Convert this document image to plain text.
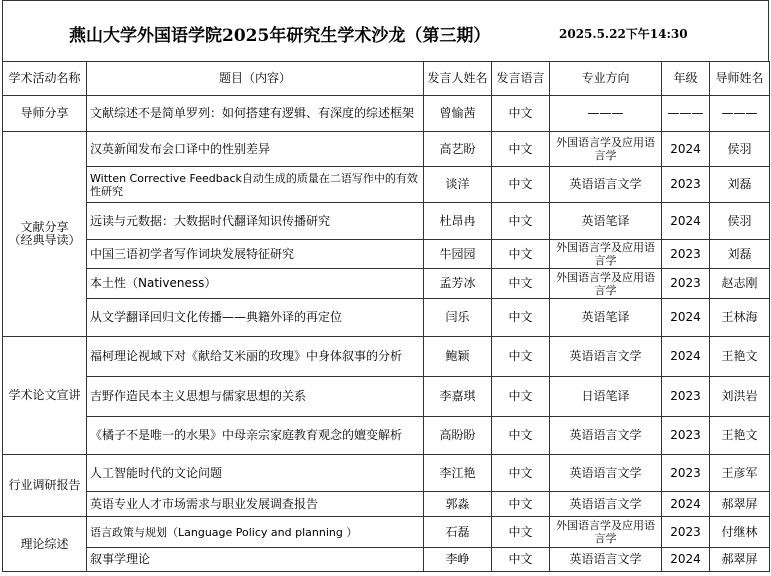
燕山大学外国语学院2025年研究生学术沙龙（第三期）	2025.5.22下午14:30
学术活动名称	题目（内容）	发言人姓名	发言语言	专业方向	年级	导师姓名
导师分享	文献综述不是简单罗列：如何搭建有逻辑、有深度的综述框架	曾愉茜	中文	———	———	———

文献分享
（经典导读）	汉英新闻发布会口译中的性别差异	高艺盼	中文	外国语言学及应用语言学	2024	侯羽
	Witten Corrective Feedback自动生成的质量在二语写作中的有效性研究	谈洋	中文	英语语言文学	2023	刘磊
	远读与元数据：大数据时代翻译知识传播研究	杜昂冉	中文	英语笔译	2024	侯羽
	中国三语初学者写作词块发展特征研究	牛园园	中文	外国语言学及应用语言学	2023	刘磊
	本土性（Nativeness）	孟芳冰	中文	外国语言学及应用语言学	2023	赵志刚
	从文学翻译回归文化传播——典籍外译的再定位	闫乐	中文	英语笔译	2024	王林海
学术论文宣讲	福柯理论视域下对《献给艾米丽的玫瑰》中身体叙事的分析	鲍颖	中文	英语语言文学	2024	王艳文
	吉野作造民本主义思想与儒家思想的关系	李嘉琪	中文	日语笔译	2023	刘洪岩
	《橘子不是唯一的水果》中母亲宗家庭教育观念的嬗变解析	高盼盼	中文	英语语言文学	2023	王艳文
行业调研报告	人工智能时代的文论问题	李江艳	中文	英语语言文学	2023	王彦军
	英语专业人才市场需求与职业发展调查报告	郭淼	中文	英语语言文学	2024	郝翠屏
理论综述	语言政策与规划（Language Policy and planning ）	石磊	中文	外国语言学及应用语言学	2023	付继林
	叙事学理论	李峥	中文	英语语言文学	2024	郝翠屏
